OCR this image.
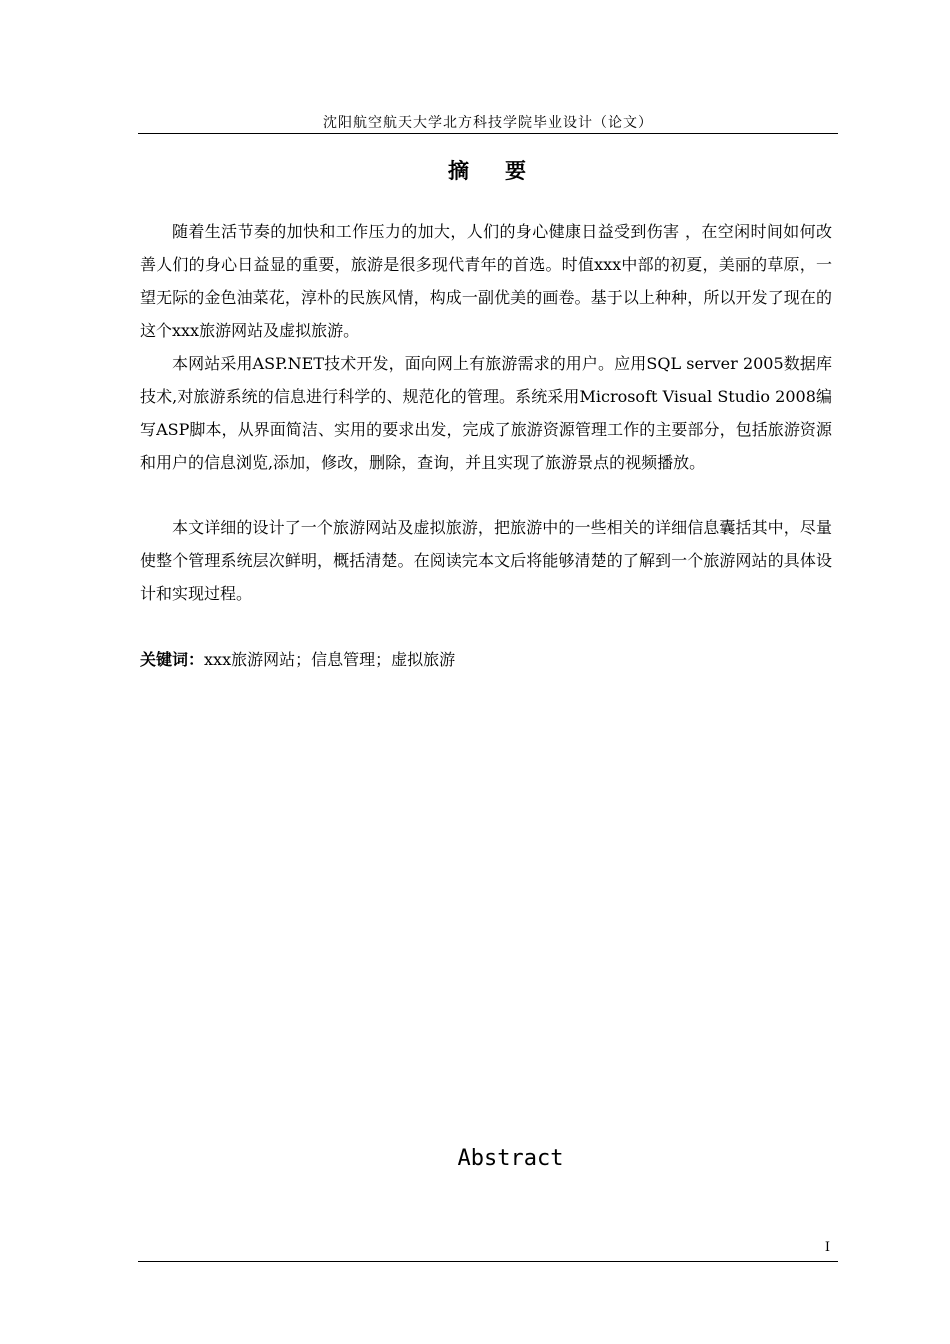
沈阳航空航天大学北方科技学院毕业设计（论文）
摘 要
随着生活节奏的加快和工作压力的加大，人们的身心健康日益受到伤害 ，在空闲时间如何改善人们的身心日益显的重要，旅游是很多现代青年的首选。时值xxx中部的初夏，美丽的草原，一望无际的金色油菜花，淳朴的民族风情，构成一副优美的画卷。基于以上种种，所以开发了现在的这个xxx旅游网站及虚拟旅游。
本网站采用ASP.NET技术开发，面向网上有旅游需求的用户。应用SQL server 2005数据库技术,对旅游系统的信息进行科学的、规范化的管理。系统采用Microsoft Visual Studio 2008编写ASP脚本，从界面简洁、实用的要求出发，完成了旅游资源管理工作的主要部分，包括旅游资源和用户的信息浏览,添加，修改，删除，查询，并且实现了旅游景点的视频播放。
本文详细的设计了一个旅游网站及虚拟旅游，把旅游中的一些相关的详细信息囊括其中，尽量使整个管理系统层次鲜明，概括清楚。在阅读完本文后将能够清楚的了解到一个旅游网站的具体设计和实现过程。
关键词：xxx旅游网站；信息管理；虚拟旅游
Abstract
I
